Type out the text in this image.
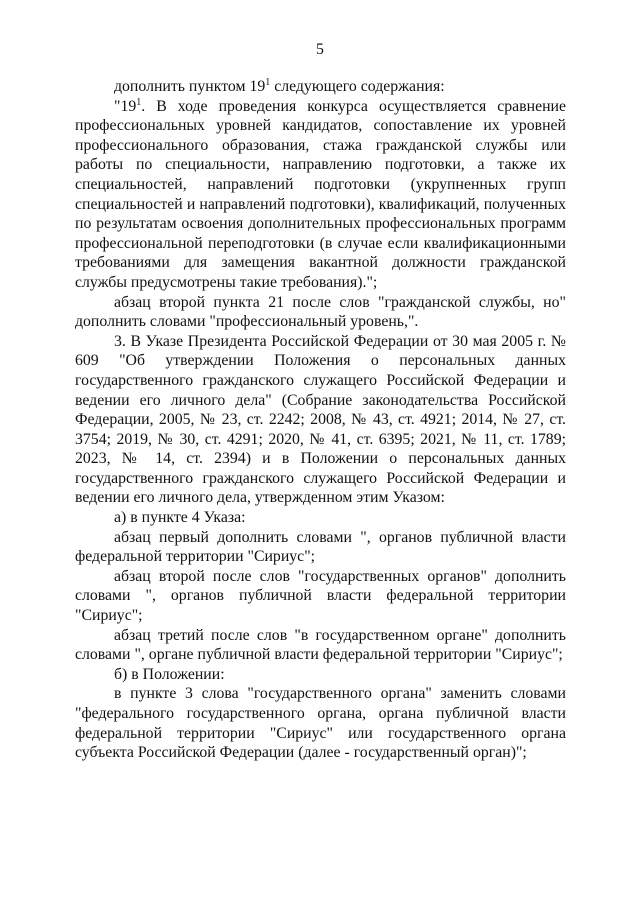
5

дополнить пунктом $19^1$ следующего содержания:

"$19^1$. В ходе проведения конкурса осуществляется сравнение профессиональных уровней кандидатов, сопоставление их уровней профессионального образования, стажа гражданской службы или работы по специальности, направлению подготовки, а также их специальностей, направлений подготовки (укрупненных групп специальностей и направлений подготовки), квалификаций, полученных по результатам освоения дополнительных профессиональных программ профессиональной переподготовки (в случае если квалификационными требованиями для замещения вакантной должности гражданской службы предусмотрены такие требования).";

абзац второй пункта 21 после слов "гражданской службы, но" дополнить словами "профессиональный уровень,".

3. В Указе Президента Российской Федерации от 30 мая 2005 г. № 609 "Об утверждении Положения о персональных данных государственного гражданского служащего Российской Федерации и ведении его личного дела" (Собрание законодательства Российской Федерации, 2005, № 23, ст. 2242; 2008, № 43, ст. 4921; 2014, № 27, ст. 3754; 2019, № 30, ст. 4291; 2020, № 41, ст. 6395; 2021, № 11, ст. 1789; 2023, № 14, ст. 2394) и в Положении о персональных данных государственного гражданского служащего Российской Федерации и ведении его личного дела, утвержденном этим Указом:

а) в пункте 4 Указа:

абзац первый дополнить словами ", органов публичной власти федеральной территории "Сириус";

абзац второй после слов "государственных органов" дополнить словами ", органов публичной власти федеральной территории "Сириус";

абзац третий после слов "в государственном органе" дополнить словами ", органе публичной власти федеральной территории "Сириус";

б) в Положении:

в пункте 3 слова "государственного органа" заменить словами "федерального государственного органа, органа публичной власти федеральной территории "Сириус" или государственного органа субъекта Российской Федерации (далее - государственный орган)";
